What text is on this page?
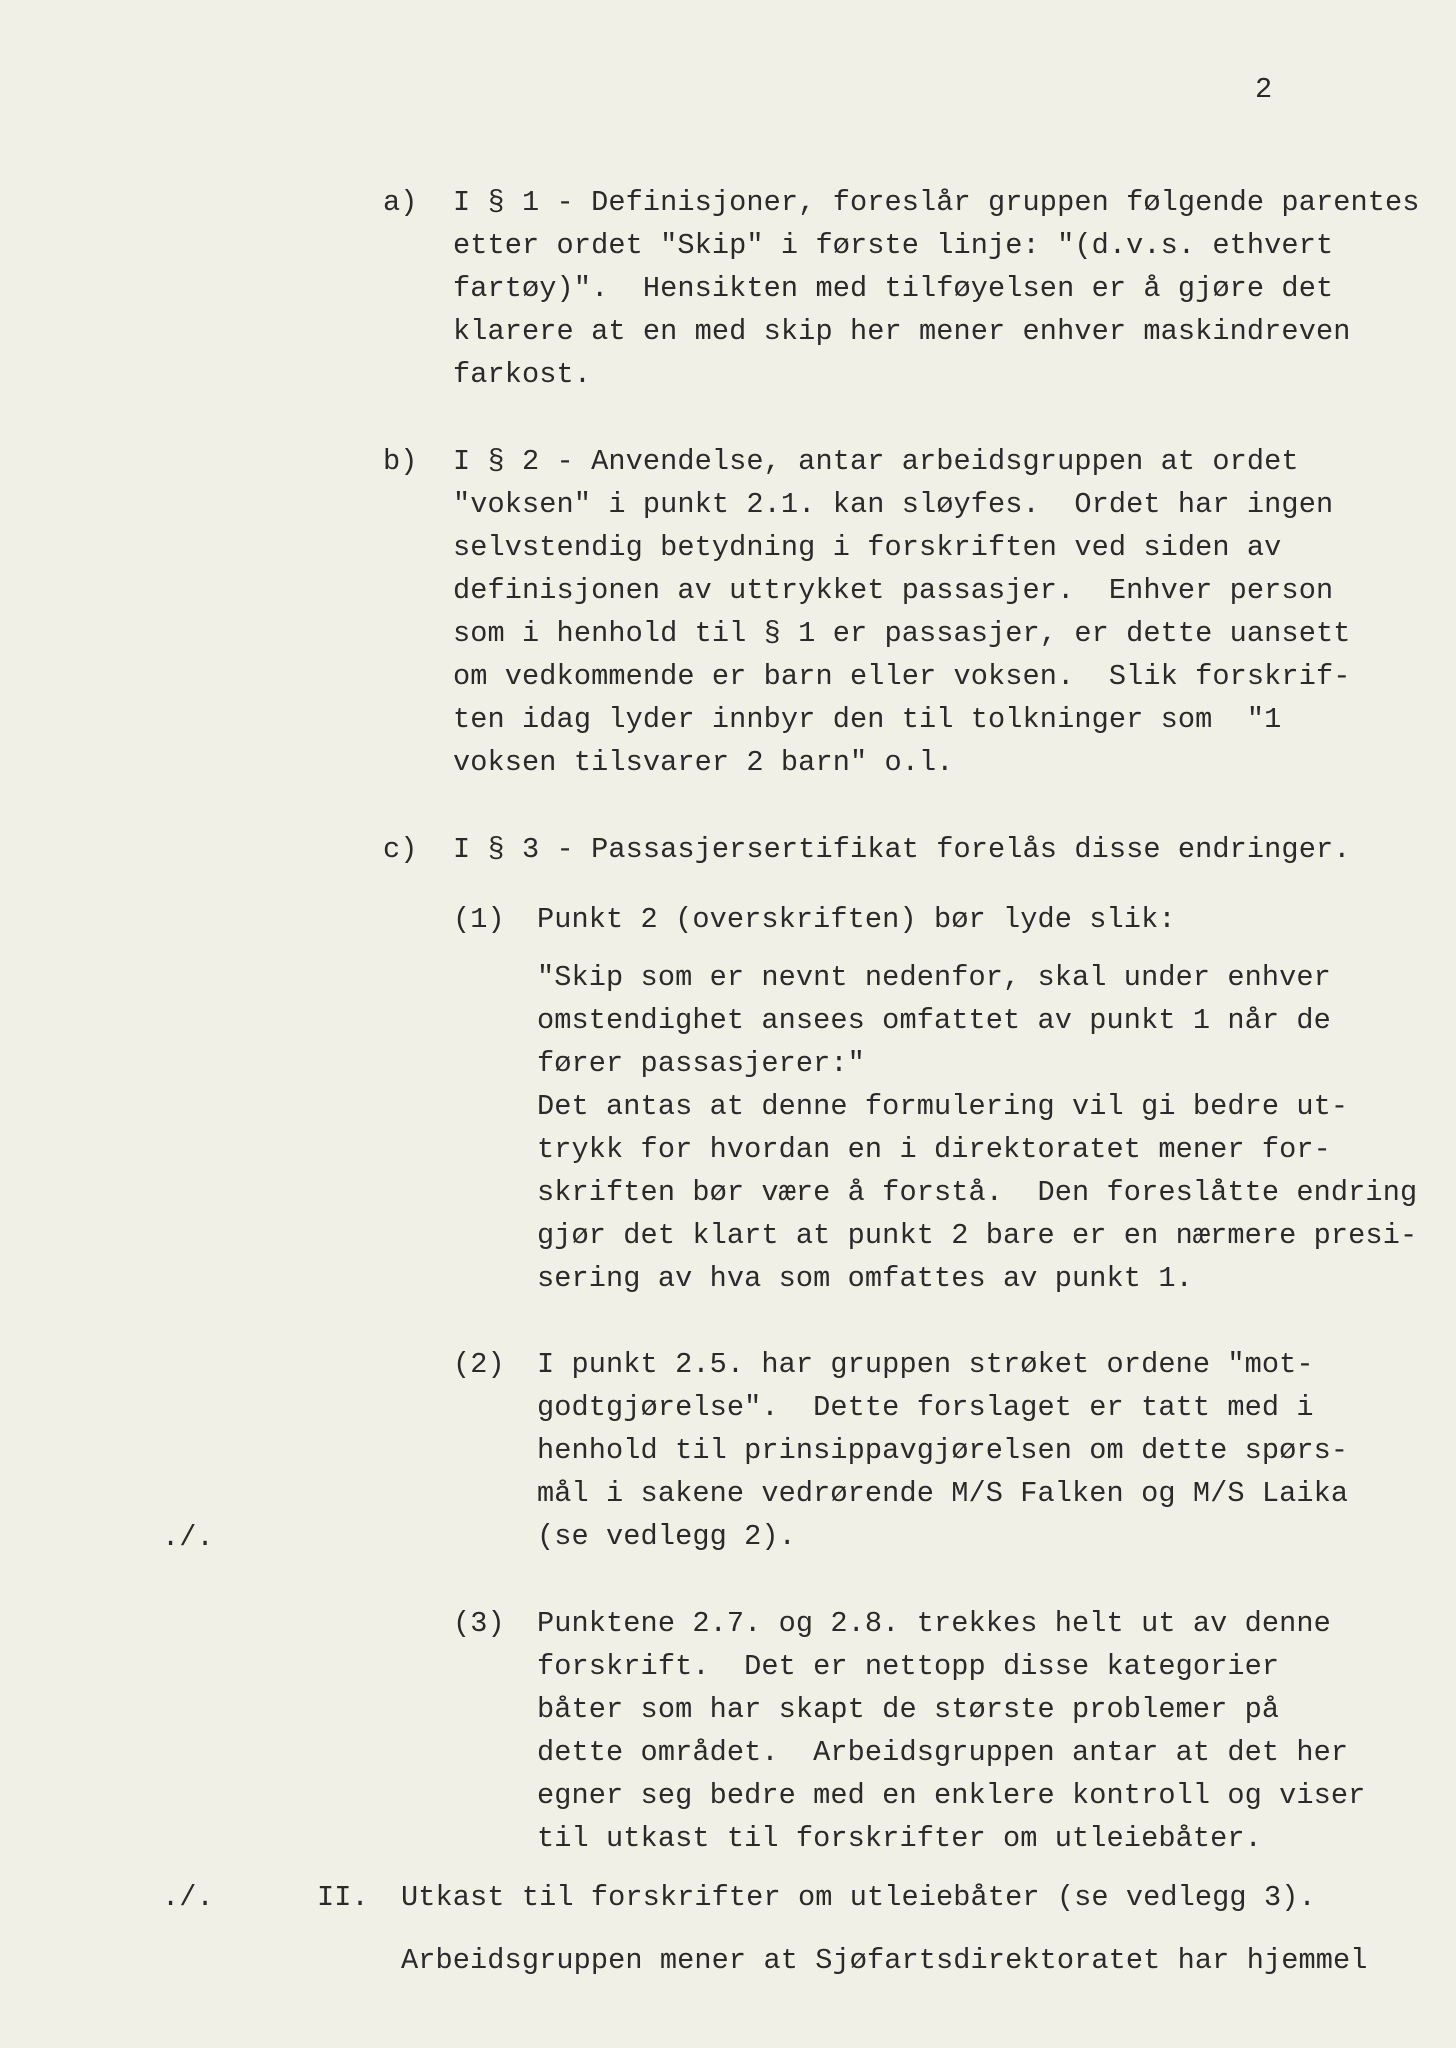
2
a) I § 1 - Definisjoner, foreslår gruppen følgende parentes
etter ordet "Skip" i første linje: "(d.v.s. ethvert
fartøy)".  Hensikten med tilføyelsen er å gjøre det
klarere at en med skip her mener enhver maskindreven
farkost.
b) I § 2 - Anvendelse, antar arbeidsgruppen at ordet
"voksen" i punkt 2.1. kan sløyfes.  Ordet har ingen
selvstendig betydning i forskriften ved siden av
definisjonen av uttrykket passasjer.  Enhver person
som i henhold til § 1 er passasjer, er dette uansett
om vedkommende er barn eller voksen.  Slik forskrif-
ten idag lyder innbyr den til tolkninger som  "1
voksen tilsvarer 2 barn" o.l.
c) I § 3 - Passasjersertifikat forelås disse endringer.
(1) Punkt 2 (overskriften) bør lyde slik:
"Skip som er nevnt nedenfor, skal under enhver
omstendighet ansees omfattet av punkt 1 når de
fører passasjerer:"
Det antas at denne formulering vil gi bedre ut-
trykk for hvordan en i direktoratet mener for-
skriften bør være å forstå.  Den foreslåtte endring
gjør det klart at punkt 2 bare er en nærmere presi-
sering av hva som omfattes av punkt 1.
(2) I punkt 2.5. har gruppen strøket ordene "mot-
godtgjørelse".  Dette forslaget er tatt med i
henhold til prinsippavgjørelsen om dette spørs-
mål i sakene vedrørende M/S Falken og M/S Laika
(se vedlegg 2).
./.
(3) Punktene 2.7. og 2.8. trekkes helt ut av denne
forskrift.  Det er nettopp disse kategorier
båter som har skapt de største problemer på
dette området.  Arbeidsgruppen antar at det her
egner seg bedre med en enklere kontroll og viser
til utkast til forskrifter om utleiebåter.
./.	II. Utkast til forskrifter om utleiebåter (se vedlegg 3).
Arbeidsgruppen mener at Sjøfartsdirektoratet har hjemmel
